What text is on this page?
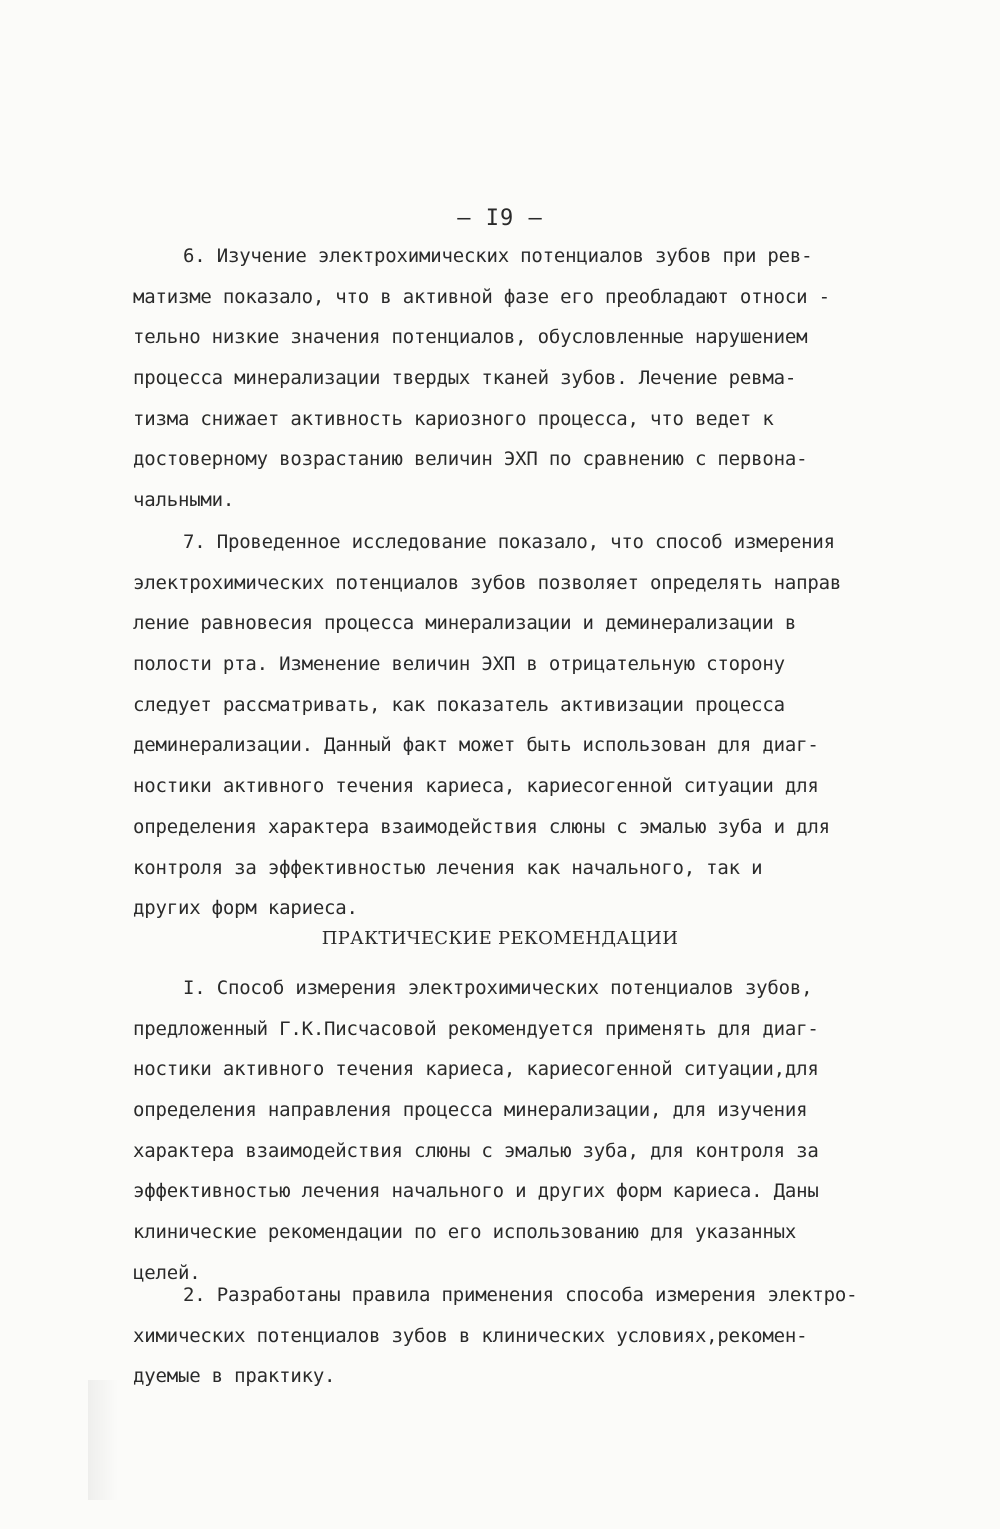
– I9 –
6. Изучение электрохимических потенциалов зубов при рев-
матизме показало, что в активной фазе его преобладают относи -
тельно низкие значения потенциалов, обусловленные нарушением
процесса минерализации твердых тканей зубов. Лечение ревма-
тизма снижает активность кариозного процесса, что ведет к
достоверному возрастанию величин ЭХП по сравнению с первона-
чальными.
7. Проведенное исследование показало, что способ измерения
электрохимических потенциалов зубов позволяет определять направ
ление равновесия процесса минерализации и деминерализации в
полости рта. Изменение величин ЭХП в отрицательную сторону
следует рассматривать, как показатель активизации процесса
деминерализации. Данный факт может быть использован для диаг-
ностики активного течения кариеса, кариесогенной ситуации для
определения характера взаимодействия слюны с эмалью зуба и для
контроля за эффективностью лечения как начального, так и
других форм кариеса.
ПРАКТИЧЕСКИЕ РЕКОМЕНДАЦИИ
I. Способ измерения электрохимических потенциалов зубов,
предложенный Г.К.Писчасовой рекомендуется применять для диаг-
ностики активного течения кариеса, кариесогенной ситуации,для
определения направления процесса минерализации, для изучения
характера взаимодействия слюны с эмалью зуба, для контроля за
эффективностью лечения начального и других форм кариеса. Даны
клинические рекомендации по его использованию для указанных
целей.
2. Разработаны правила применения способа измерения электро-
химических потенциалов зубов в клинических условиях,рекомен-
дуемые в практику.
